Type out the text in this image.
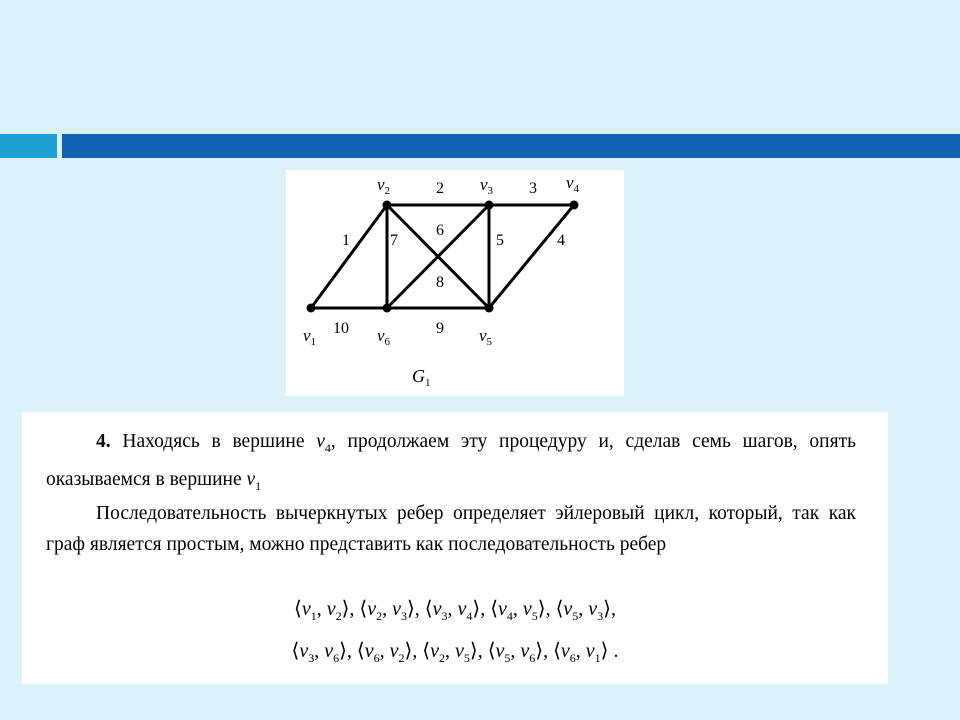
$v_1$
$v_2$	$v_3$	$v_4$
$v_5$
$v_6$
1
2	3
4
5
6
7
8
9
10
$G_1$

4. Находясь в вершине $v_4$, продолжаем эту процедуру и, сделав семь шагов, опять оказываемся в вершине $v_1$

Последовательность вычеркнутых ребер определяет эйлеровый цикл, который, так как граф является простым, можно представить как последовательность ребер

$⟨v_1$, $v_2⟩$, $⟨v_2$, $v_3⟩$, $⟨v_3$, $v_4⟩$, $⟨v_4$, $v_5⟩$, $⟨v_5$, $v_3⟩$,

$⟨v_3$, $v_6⟩$, $⟨v_6$, $v_2⟩$, $⟨v_2$, $v_5⟩$, $⟨v_5$, $v_6⟩$, $⟨v_6$, $v_1⟩$ .
